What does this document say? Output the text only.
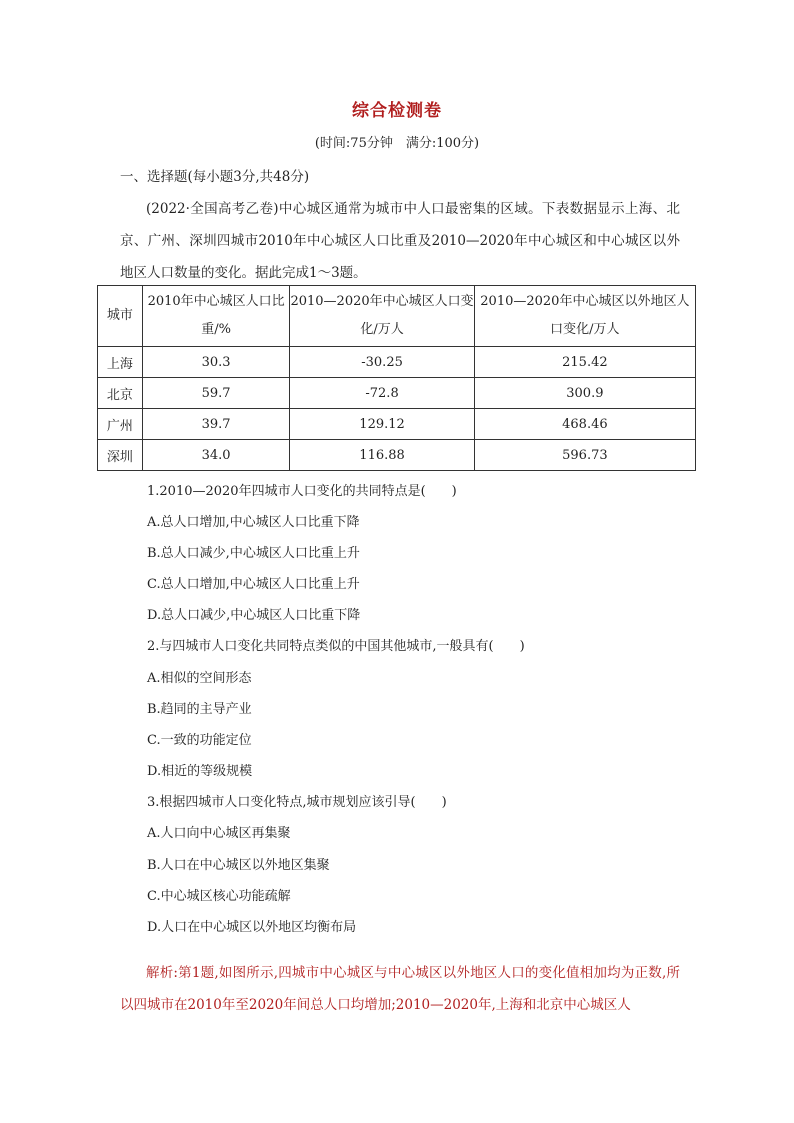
综合检测卷
(时间:75分钟　满分:100分)
一、选择题(每小题3分,共48分)
(2022·全国高考乙卷)中心城区通常为城市中人口最密集的区域。下表数据显示上海、北京、广州、深圳四城市2010年中心城区人口比重及2010—2020年中心城区和中心城区以外地区人口数量的变化。据此完成1～3题。
城市	2010年中心城区人口比重/%	2010—2020年中心城区人口变化/万人	2010—2020年中心城区以外地区人口变化/万人
上海	30.3	-30.25	215.42
北京	59.7	-72.8	300.9
广州	39.7	129.12	468.46
深圳	34.0	116.88	596.73
1.2010—2020年四城市人口变化的共同特点是(　　)
A.总人口增加,中心城区人口比重下降
B.总人口减少,中心城区人口比重上升
C.总人口增加,中心城区人口比重上升
D.总人口减少,中心城区人口比重下降
2.与四城市人口变化共同特点类似的中国其他城市,一般具有(　　)
A.相似的空间形态
B.趋同的主导产业
C.一致的功能定位
D.相近的等级规模
3.根据四城市人口变化特点,城市规划应该引导(　　)
A.人口向中心城区再集聚
B.人口在中心城区以外地区集聚
C.中心城区核心功能疏解
D.人口在中心城区以外地区均衡布局
解析:第1题,如图所示,四城市中心城区与中心城区以外地区人口的变化值相加均为正数,所以四城市在2010年至2020年间总人口均增加;2010—2020年,上海和北京中心城区人
